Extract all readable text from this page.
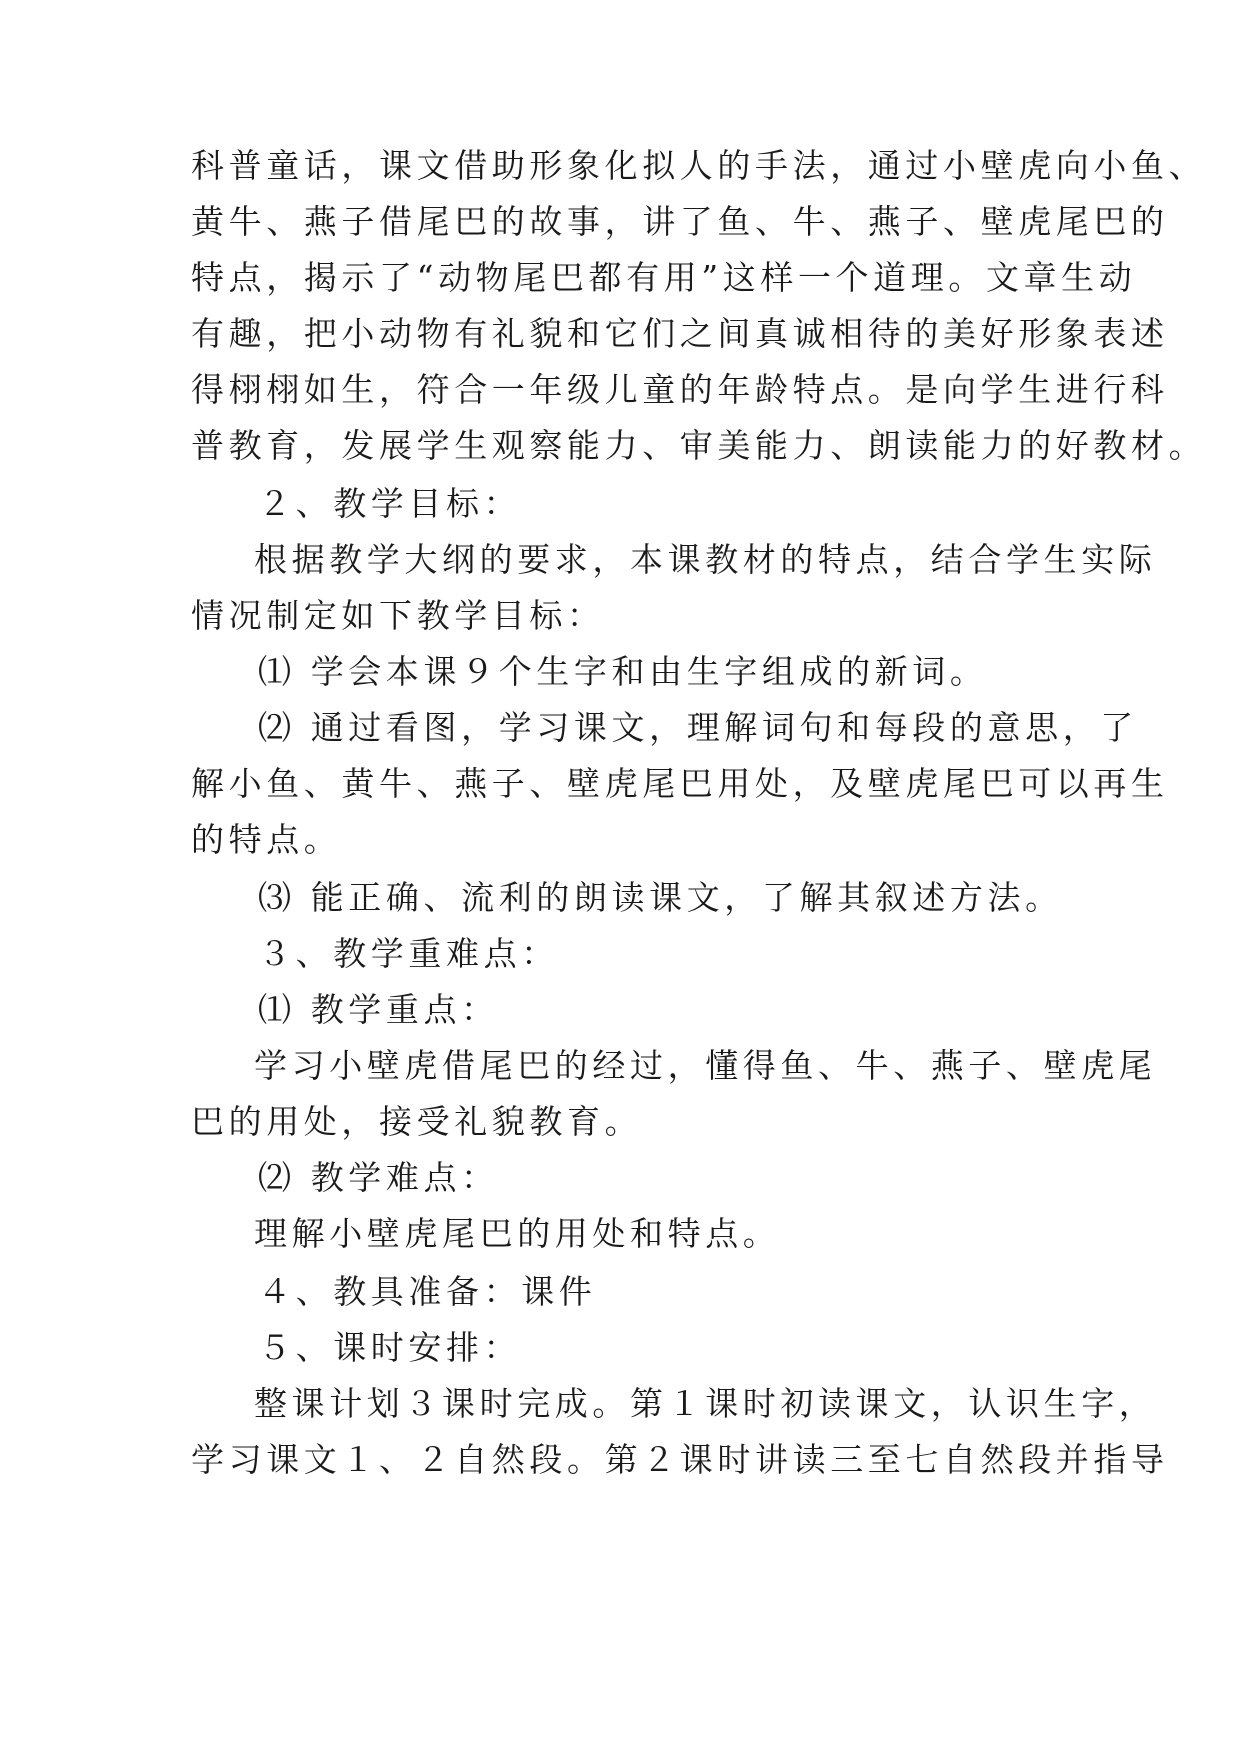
科普童话，课文借助形象化拟人的手法，通过小壁虎向小鱼、
黄牛、燕子借尾巴的故事，讲了鱼、牛、燕子、壁虎尾巴的
特点，揭示了“动物尾巴都有用”这样一个道理。文章生动
有趣，把小动物有礼貌和它们之间真诚相待的美好形象表述
得栩栩如生，符合一年级儿童的年龄特点。是向学生进行科
普教育，发展学生观察能力、审美能力、朗读能力的好教材。
２、教学目标：
根据教学大纲的要求，本课教材的特点，结合学生实际
情况制定如下教学目标：
⑴ 学会本课９个生字和由生字组成的新词。
⑵ 通过看图，学习课文，理解词句和每段的意思，了
解小鱼、黄牛、燕子、壁虎尾巴用处，及壁虎尾巴可以再生
的特点。
⑶ 能正确、流利的朗读课文，了解其叙述方法。
３、教学重难点：
⑴ 教学重点：
学习小壁虎借尾巴的经过，懂得鱼、牛、燕子、壁虎尾
巴的用处，接受礼貌教育。
⑵ 教学难点：
理解小壁虎尾巴的用处和特点。
４、教具准备：课件
５、课时安排：
整课计划３课时完成。第１课时初读课文，认识生字，
学习课文１、２自然段。第２课时讲读三至七自然段并指导
